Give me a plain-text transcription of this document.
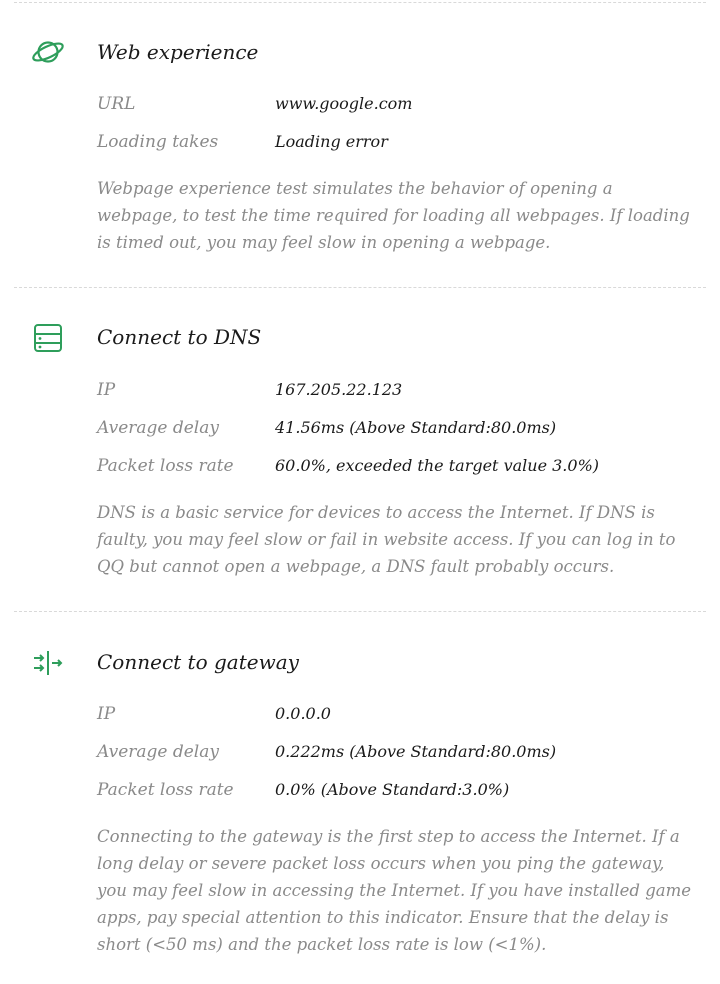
Web experience
URL	www.google.com
Loading takes	Loading error
Webpage experience test simulates the behavior of opening a webpage, to test the time required for loading all webpages. If loading is timed out, you may feel slow in opening a webpage.
Connect to DNS
IP	167.205.22.123
Average delay	41.56ms (Above Standard:80.0ms)
Packet loss rate	60.0%, exceeded the target value 3.0%)
DNS is a basic service for devices to access the Internet. If DNS is faulty, you may feel slow or fail in website access. If you can log in to QQ but cannot open a webpage, a DNS fault probably occurs.
Connect to gateway
IP	0.0.0.0
Average delay	0.222ms (Above Standard:80.0ms)
Packet loss rate	0.0% (Above Standard:3.0%)
Connecting to the gateway is the first step to access the Internet. If a long delay or severe packet loss occurs when you ping the gateway, you may feel slow in accessing the Internet. If you have installed game apps, pay special attention to this indicator. Ensure that the delay is short (<50 ms) and the packet loss rate is low (<1%).
